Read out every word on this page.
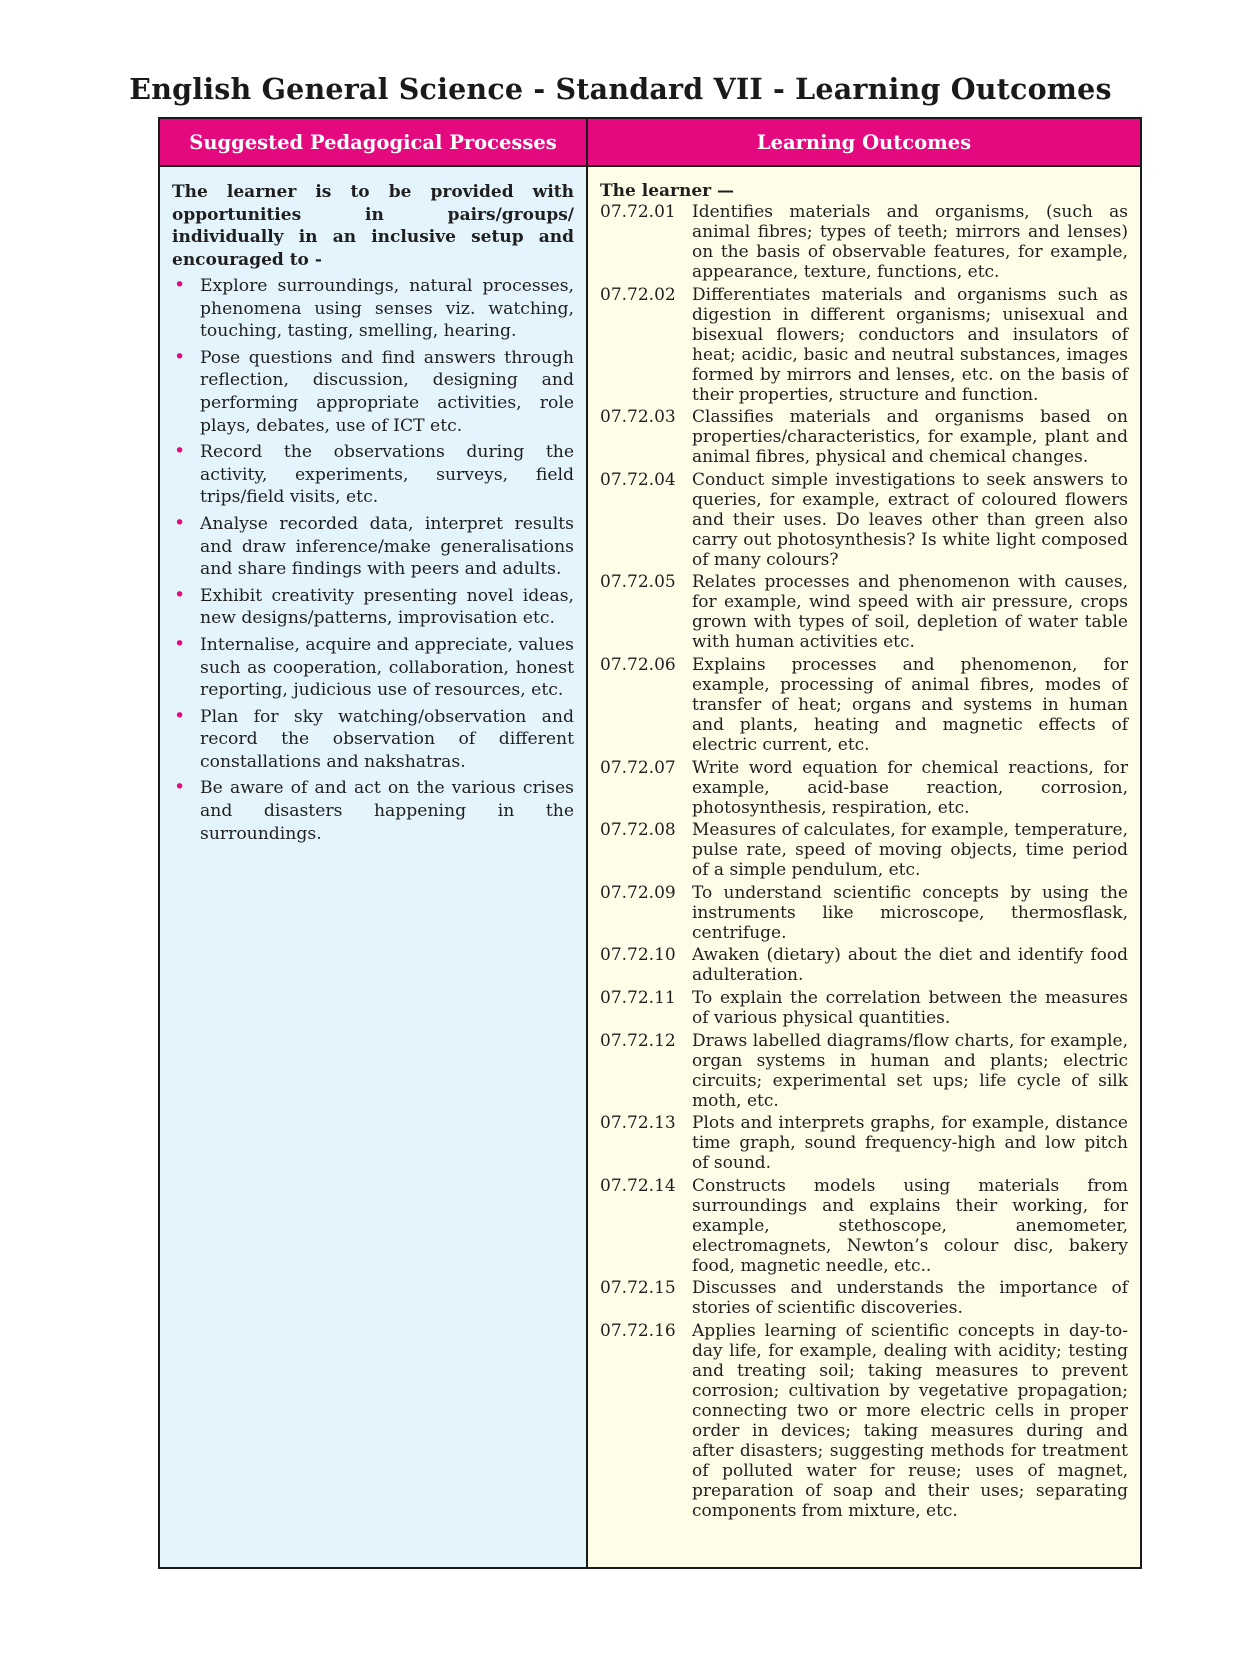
English General Science - Standard VII - Learning Outcomes
Suggested Pedagogical Processes

The learner is to be provided with opportunities in pairs/groups/ individually in an inclusive setup and encouraged to -

• Explore surroundings, natural processes, phenomena using senses viz. watching, touching, tasting, smelling, hearing.
• Pose questions and find answers through reflection, discussion, designing and performing appropriate activities, role plays, debates, use of ICT etc.
• Record the observations during the activity, experiments, surveys, field trips/field visits, etc.
• Analyse recorded data, interpret results and draw inference/make generalisations and share findings with peers and adults.
• Exhibit creativity presenting novel ideas, new designs/patterns, improvisation etc.
• Internalise, acquire and appreciate, values such as cooperation, collaboration, honest reporting, judicious use of resources, etc.
• Plan for sky watching/observation and record the observation of different constallations and nakshatras.
• Be aware of and act on the various crises and disasters happening in the surroundings.
Learning Outcomes
The learner —
07.72.01 Identifies materials and organisms, (such as animal fibres; types of teeth; mirrors and lenses) on the basis of observable features, for example, appearance, texture, functions, etc.
07.72.02 Differentiates materials and organisms such as digestion in different organisms; unisexual and bisexual flowers; conductors and insulators of heat; acidic, basic and neutral substances, images formed by mirrors and lenses, etc. on the basis of their properties, structure and function.
07.72.03 Classifies materials and organisms based on properties/characteristics, for example, plant and animal fibres, physical and chemical changes.
07.72.04 Conduct simple investigations to seek answers to queries, for example, extract of coloured flowers and their uses. Do leaves other than green also carry out photosynthesis? Is white light composed of many colours?
07.72.05 Relates processes and phenomenon with causes, for example, wind speed with air pressure, crops grown with types of soil, depletion of water table with human activities etc.
07.72.06 Explains processes and phenomenon, for example, processing of animal fibres, modes of transfer of heat; organs and systems in human and plants, heating and magnetic effects of electric current, etc.
07.72.07 Write word equation for chemical reactions, for example, acid-base reaction, corrosion, photosynthesis, respiration, etc.
07.72.08 Measures of calculates, for example, temperature, pulse rate, speed of moving objects, time period of a simple pendulum, etc.
07.72.09 To understand scientific concepts by using the instruments like microscope, thermosflask, centrifuge.
07.72.10 Awaken (dietary) about the diet and identify food adulteration.
07.72.11 To explain the correlation between the measures of various physical quantities.
07.72.12 Draws labelled diagrams/flow charts, for example, organ systems in human and plants; electric circuits; experimental set ups; life cycle of silk moth, etc.
07.72.13 Plots and interprets graphs, for example, distance time graph, sound frequency-high and low pitch of sound.
07.72.14 Constructs models using materials from surroundings and explains their working, for example, stethoscope, anemometer, electromagnets, Newton’s colour disc, bakery food, magnetic needle, etc..
07.72.15 Discusses and understands the importance of stories of scientific discoveries.
07.72.16 Applies learning of scientific concepts in day-to-day life, for example, dealing with acidity; testing and treating soil; taking measures to prevent corrosion; cultivation by vegetative propagation; connecting two or more electric cells in proper order in devices; taking measures during and after disasters; suggesting methods for treatment of polluted water for reuse; uses of magnet, preparation of soap and their uses; separating components from mixture, etc.
